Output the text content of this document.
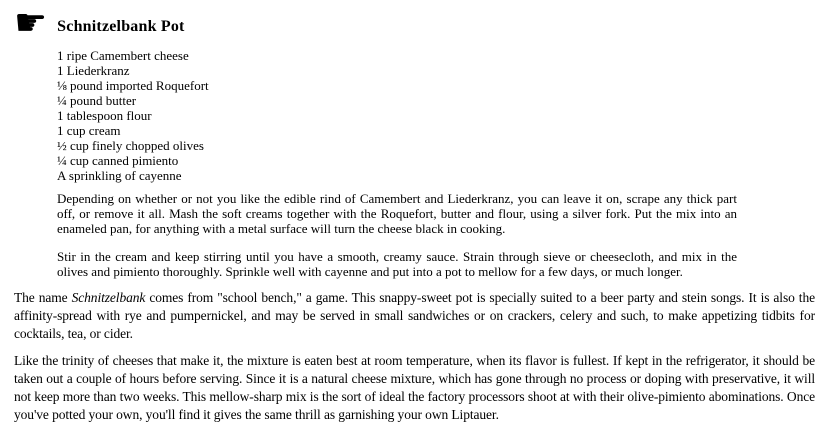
☛ Schnitzelbank Pot
1 ripe Camembert cheese
1 Liederkranz
⅛ pound imported Roquefort
¼ pound butter
1 tablespoon flour
1 cup cream
½ cup finely chopped olives
¼ cup canned pimiento
A sprinkling of cayenne

Depending on whether or not you like the edible rind of Camembert and Liederkranz, you can leave it on, scrape any thick part off, or remove it all. Mash the soft creams together with the Roquefort, butter and flour, using a silver fork. Put the mix into an enameled pan, for anything with a metal surface will turn the cheese black in cooking.

Stir in the cream and keep stirring until you have a smooth, creamy sauce. Strain through sieve or cheesecloth, and mix in the olives and pimiento thoroughly. Sprinkle well with cayenne and put into a pot to mellow for a few days, or much longer.

The name Schnitzelbank comes from "school bench," a game. This snappy-sweet pot is specially suited to a beer party and stein songs. It is also the affinity-spread with rye and pumpernickel, and may be served in small sandwiches or on crackers, celery and such, to make appetizing tidbits for cocktails, tea, or cider.

Like the trinity of cheeses that make it, the mixture is eaten best at room temperature, when its flavor is fullest. If kept in the refrigerator, it should be taken out a couple of hours before serving. Since it is a natural cheese mixture, which has gone through no process or doping with preservative, it will not keep more than two weeks. This mellow-sharp mix is the sort of ideal the factory processors shoot at with their olive-pimiento abominations. Once you've potted your own, you'll find it gives the same thrill as garnishing your own Liptauer.
